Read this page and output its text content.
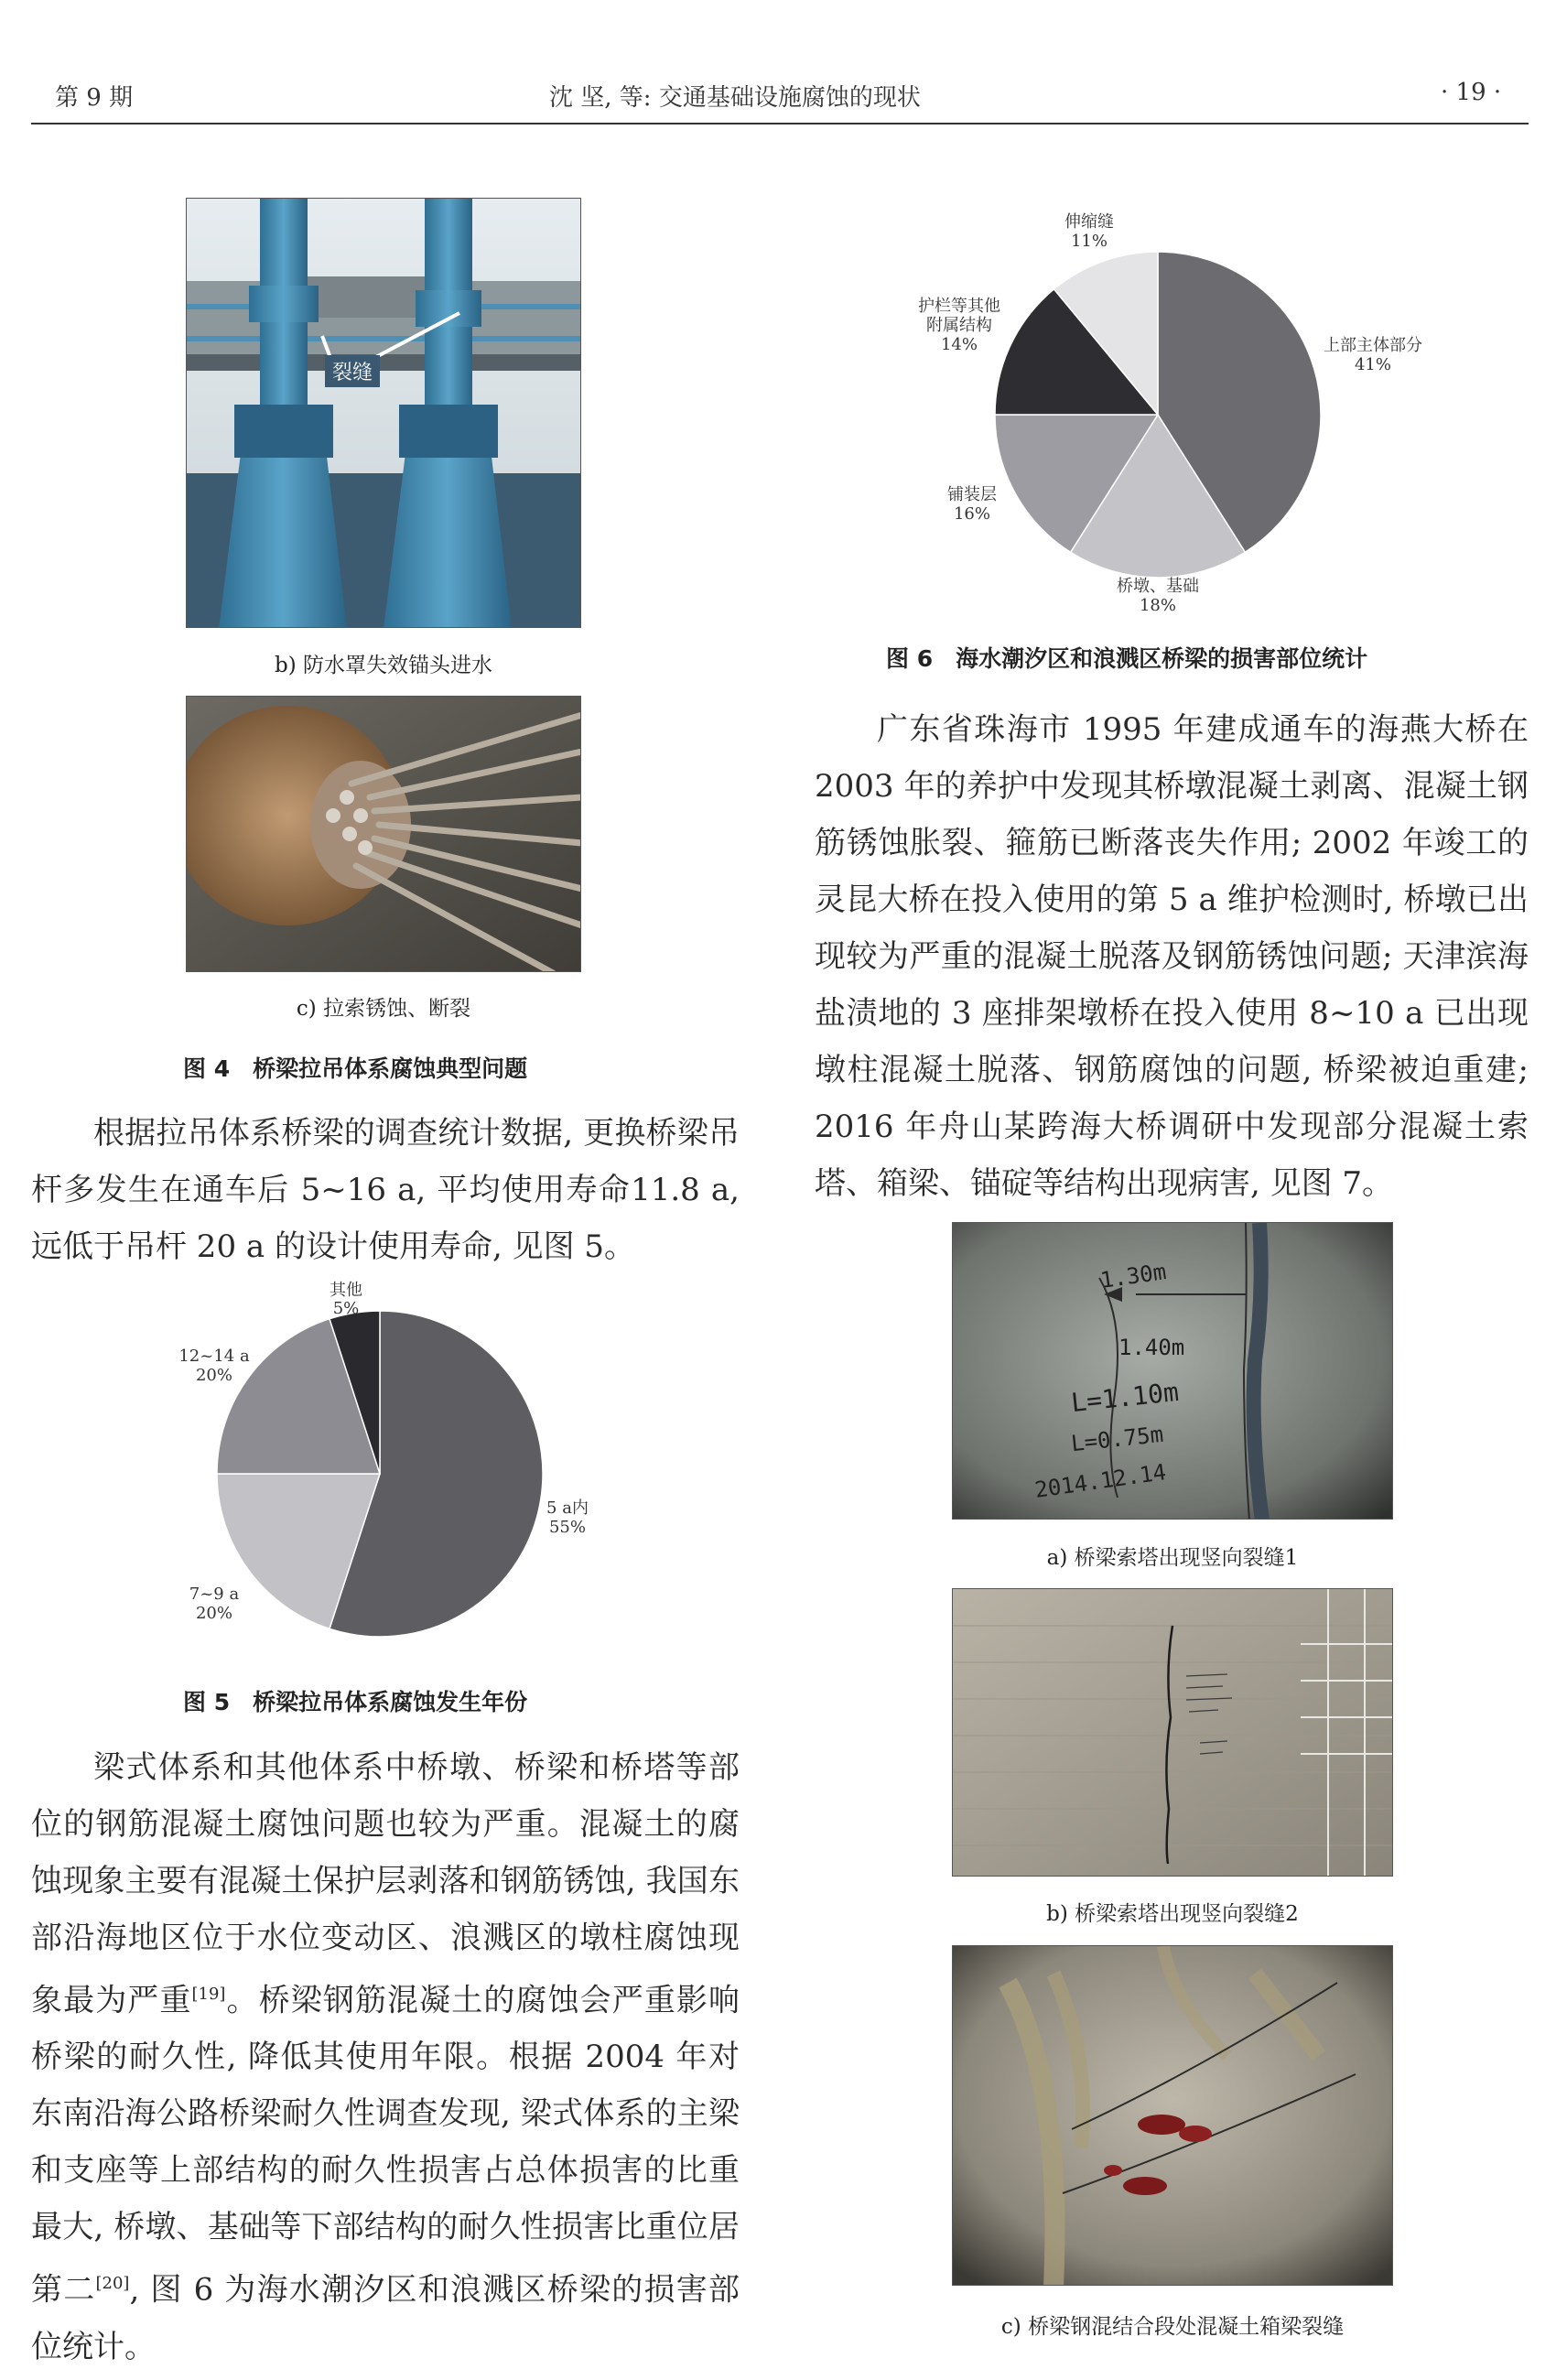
第 9 期	沈 坚, 等: 交通基础设施腐蚀的现状	· 19 ·
裂缝
b) 防水罩失效锚头进水
c) 拉索锈蚀、断裂
图 4　桥梁拉吊体系腐蚀典型问题

根据拉吊体系桥梁的调查统计数据, 更换桥梁吊杆多发生在通车后 5~16 a, 平均使用寿命11.8 a, 远低于吊杆 20 a 的设计使用寿命, 见图 5。

其他
5%
12~14 a
20%
5 a内
55%
7~9 a
20%
图 5　桥梁拉吊体系腐蚀发生年份

梁式体系和其他体系中桥墩、桥梁和桥塔等部位的钢筋混凝土腐蚀问题也较为严重。混凝土的腐蚀现象主要有混凝土保护层剥落和钢筋锈蚀, 我国东部沿海地区位于水位变动区、浪溅区的墩柱腐蚀现象最为严重[19]。桥梁钢筋混凝土的腐蚀会严重影响桥梁的耐久性, 降低其使用年限。根据 2004 年对东南沿海公路桥梁耐久性调查发现, 梁式体系的主梁和支座等上部结构的耐久性损害占总体损害的比重最大, 桥墩、基础等下部结构的耐久性损害比重位居第二[20], 图 6 为海水潮汐区和浪溅区桥梁的损害部位统计。

伸缩缝
11%
护栏等其他
附属结构
14%	上部主体部分
41%
铺装层
16%
桥墩、基础
18%
图 6　海水潮汐区和浪溅区桥梁的损害部位统计

广东省珠海市 1995 年建成通车的海燕大桥在 2003 年的养护中发现其桥墩混凝土剥离、混凝土钢筋锈蚀胀裂、箍筋已断落丧失作用; 2002 年竣工的灵昆大桥在投入使用的第 5 a 维护检测时, 桥墩已出现较为严重的混凝土脱落及钢筋锈蚀问题; 天津滨海盐渍地的 3 座排架墩桥在投入使用 8~10 a 已出现墩柱混凝土脱落、钢筋腐蚀的问题, 桥梁被迫重建; 2016 年舟山某跨海大桥调研中发现部分混凝土索塔、箱梁、锚碇等结构出现病害, 见图 7。

1.30m
1.40m
L=1.10m
L=0.75m
2014.12.14
a) 桥梁索塔出现竖向裂缝1
b) 桥梁索塔出现竖向裂缝2
c) 桥梁钢混结合段处混凝土箱梁裂缝
